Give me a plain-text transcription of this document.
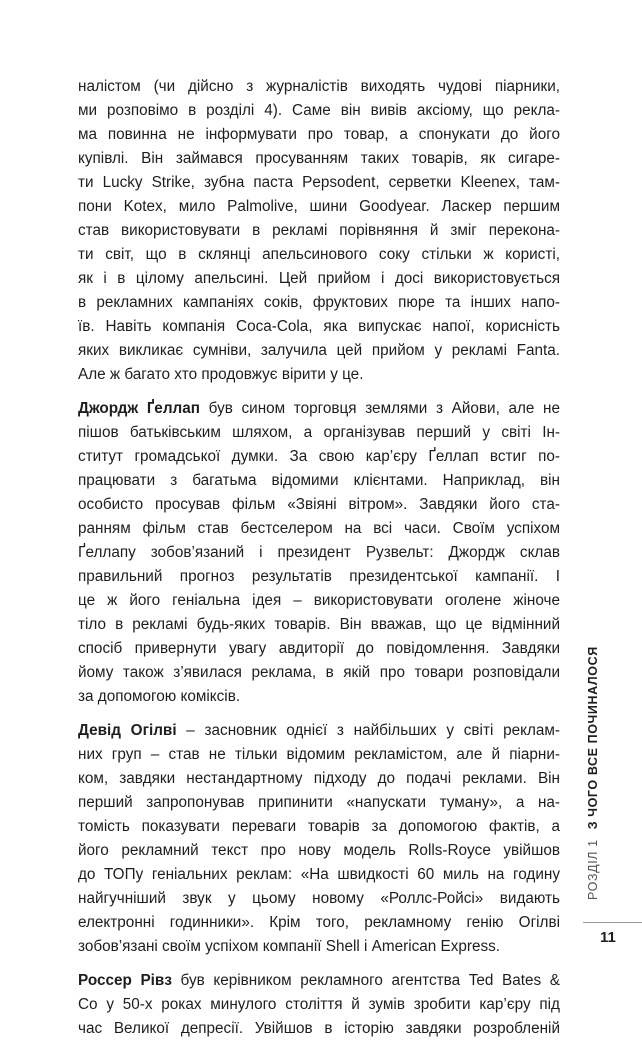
налістом (чи дійсно з журналістів виходять чудові піарники,
ми розповімо в розділі 4). Саме він вивів аксіому, що рекла-
ма повинна не інформувати про товар, а спонукати до його
купівлі. Він займався просуванням таких товарів, як сигаре-
ти Lucky Strike, зубна паста Pepsodent, серветки Kleenex, там-
пони Kotex, мило Palmolive, шини Goodyear. Ласкер першим
став використовувати в рекламі порівняння й зміг переконa-
ти світ, що в склянці апельсинового соку стільки ж користі,
як і в цілому апельсині. Цей прийом і досі використовується
в рекламних кампаніях соків, фруктових пюре та інших напо-
їв. Навіть компанія Coca-Cola, яка випускає напої, корисність
яких викликає сумніви, залучила цей прийом у рекламі Fanta.
Але ж багато хто продовжує вірити у це.
Джордж Ґеллап був сином торговця землями з Айови, але не
пішов батьківським шляхом, а організував перший у світі Ін-
ститут громадської думки. За свою кар’єру Ґеллап встиг по-
працювати з багатьма відомими клієнтами. Наприклад, він
особисто просував фільм «Звіяні вітром». Завдяки його ста-
ранням фільм став бестселером на всі часи. Своїм успіхом
Ґеллапу зобов’язаний і президент Рузвельт: Джордж склав
правильний прогноз результатів президентської кампанії. І
це ж його геніальна ідея – використовувати оголене жіноче
тіло в рекламі будь-яких товарів. Він вважав, що це відмінний
спосіб привернути увагу авдиторії до повідомлення. Завдяки
йому також з’явилася реклама, в якій про товари розповідали
за допомогою коміксів.
Девід Огілві – засновник однієї з найбільших у світі реклам-
них груп – став не тільки відомим рекламістом, але й піарни-
ком, завдяки нестандартному підходу до подачі реклами. Він
перший запропонував припинити «напускати туману», а на-
томість показувати переваги товарів за допомогою фактів, а
його рекламний текст про нову модель Rolls-Royce увійшов
до ТОПу геніальних реклам: «На швидкості 60 миль на годину
найгучніший звук у цьому новому «Роллс-Ройсі» видають
електронні годинники». Крім того, рекламному генію Огілві
зобов’язані своїм успіхом компанії Shell і American Express.
Россер Рівз був керівником рекламного агентства Ted Bates &
Co у 50-х роках минулого століття й зумів зробити кар’єру під
час Великої депресії. Увійшов в історію завдяки розробленій
РОЗДІЛ 1З ЧОГО ВСЕ ПОЧИНАЛОСЯ
11
